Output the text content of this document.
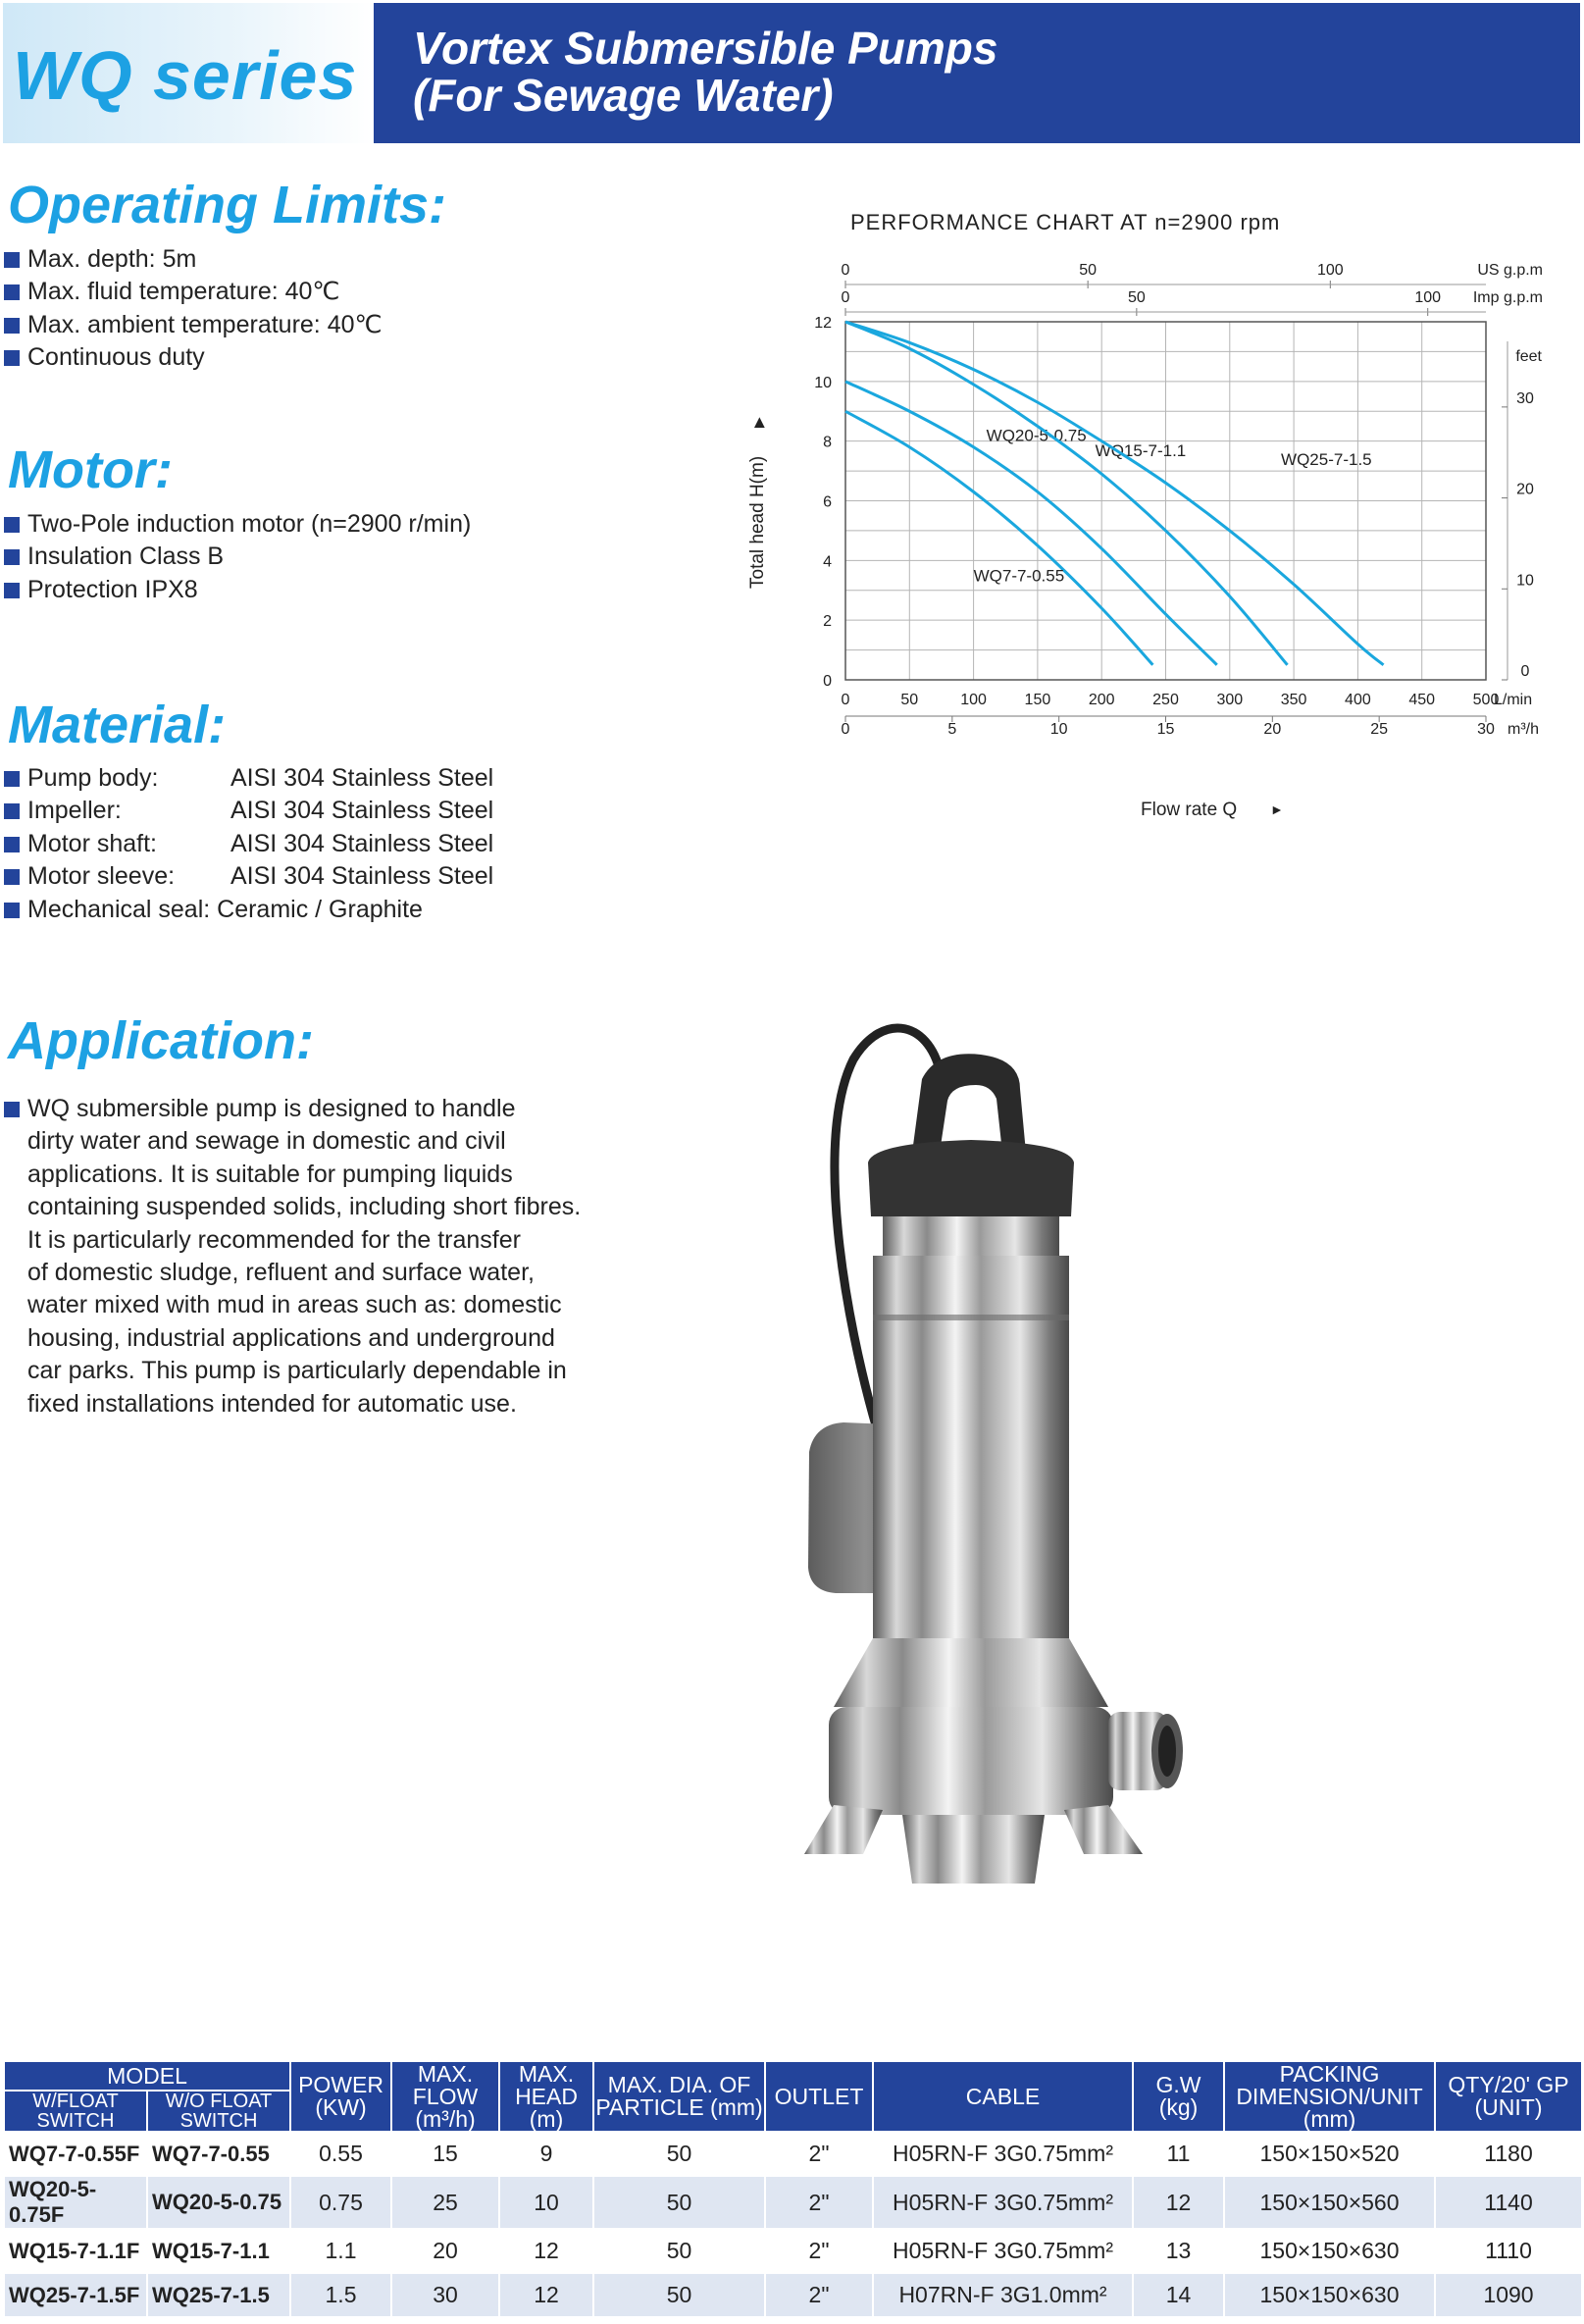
WQ series Vortex Submersible Pumps
(For Sewage Water)
Operating Limits:
Max. depth: 5m
Max. fluid temperature: 40℃
Max. ambient temperature: 40℃
Continuous duty
Motor:
Two-Pole induction motor (n=2900 r/min)
Insulation Class B
Protection IPX8
Material:
Pump body:	AISI 304 Stainless Steel
Impeller:	AISI 304 Stainless Steel
Motor shaft:	AISI 304 Stainless Steel
Motor sleeve: AISI 304 Stainless Steel
Mechanical seal: Ceramic / Graphite
Application:
WQ submersible pump is designed to handle
dirty water and sewage in domestic and civil
applications. It is suitable for pumping liquids
containing suspended solids, including short fibres.
It is particularly recommended for the transfer
of domestic sludge, refluent and surface water,
water mixed with mud in areas such as: domestic
housing, industrial applications and underground
car parks. This pump is particularly dependable in
fixed installations intended for automatic use.
PERFORMANCE CHART AT n=2900 rpm
0
2
4
6
8
10
12
0	50	100 150 200 250 300 350 400 450 500
L/min
0	5	10	15	20	25	30 m³/h
0	50	100	US g.p.m
0	50	100 Imp g.p.m
0
10
20
30
feet
WQ7-7-0.55
WQ20-5-0.75
WQ15-7-1.1	WQ25-7-1.5
Total head H(m)
▶
Flow rate Q ►
MODEL		POWER (KW)	MAX. FLOW
(m³/h)	MAX. HEAD (m)	MAX. DIA. OF PARTICLE (mm)	OUTLET	CABLE	G.W (kg)	PACKING DIMENSION/UNIT (mm)	QTY/20' GP (UNIT)
W/FLOAT SWITCH	W/O FLOAT SWITCH									
WQ7-7-0.55F	WQ7-7-0.55	0.55	15	9	50	2"	H05RN-F 3G0.75mm²	11	150×150×520	1180
WQ20-5-0.75F	WQ20-5-0.75	0.75	25	10	50	2"	H05RN-F 3G0.75mm²	12	150×150×560	1140
WQ15-7-1.1F	WQ15-7-1.1	1.1	20	12	50	2"	H05RN-F 3G0.75mm²	13	150×150×630	1110
WQ25-7-1.5F	WQ25-7-1.5	1.5	30	12	50	2"	H07RN-F 3G1.0mm²	14	150×150×630	1090
